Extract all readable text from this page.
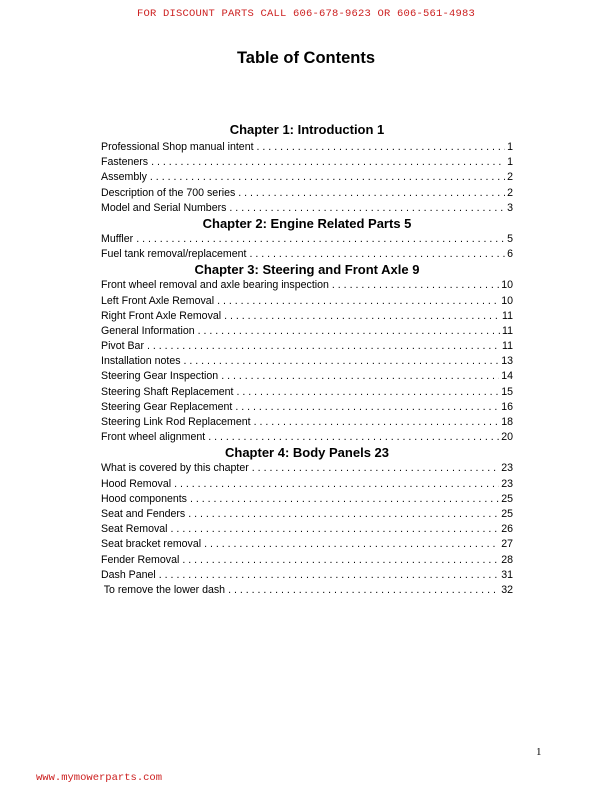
FOR DISCOUNT PARTS CALL 606-678-9623 OR 606-561-4983
Table of Contents
Chapter 1: Introduction 1
Professional Shop manual intent . . .	1
Fasteners . . .	1
Assembly . . .	2
Description of the 700 series . . .	2
Model and Serial Numbers . . .	3
Chapter 2: Engine Related Parts 5
Muffler . . .	5
Fuel tank removal/replacement . . .	6
Chapter 3: Steering and Front Axle 9
Front wheel removal and axle bearing inspection . . .	10
Left Front Axle Removal . . .	10
Right Front Axle Removal . . .	11
General Information . . .	11
Pivot Bar . . .	11
Installation notes . . .	13
Steering Gear Inspection . . .	14
Steering Shaft Replacement . . .	15
Steering Gear Replacement . . .	16
Steering Link Rod Replacement . . .	18
Front wheel alignment . . .	20
Chapter 4: Body Panels 23
What is covered by this chapter . . .	23
Hood Removal . . .	23
Hood components . . .	25
Seat and Fenders . . .	25
Seat Removal . . .	26
Seat bracket removal . . .	27
Fender Removal . . .	28
Dash Panel . . .	31
To remove the lower dash . . .	32
1
www.mymowerparts.com
